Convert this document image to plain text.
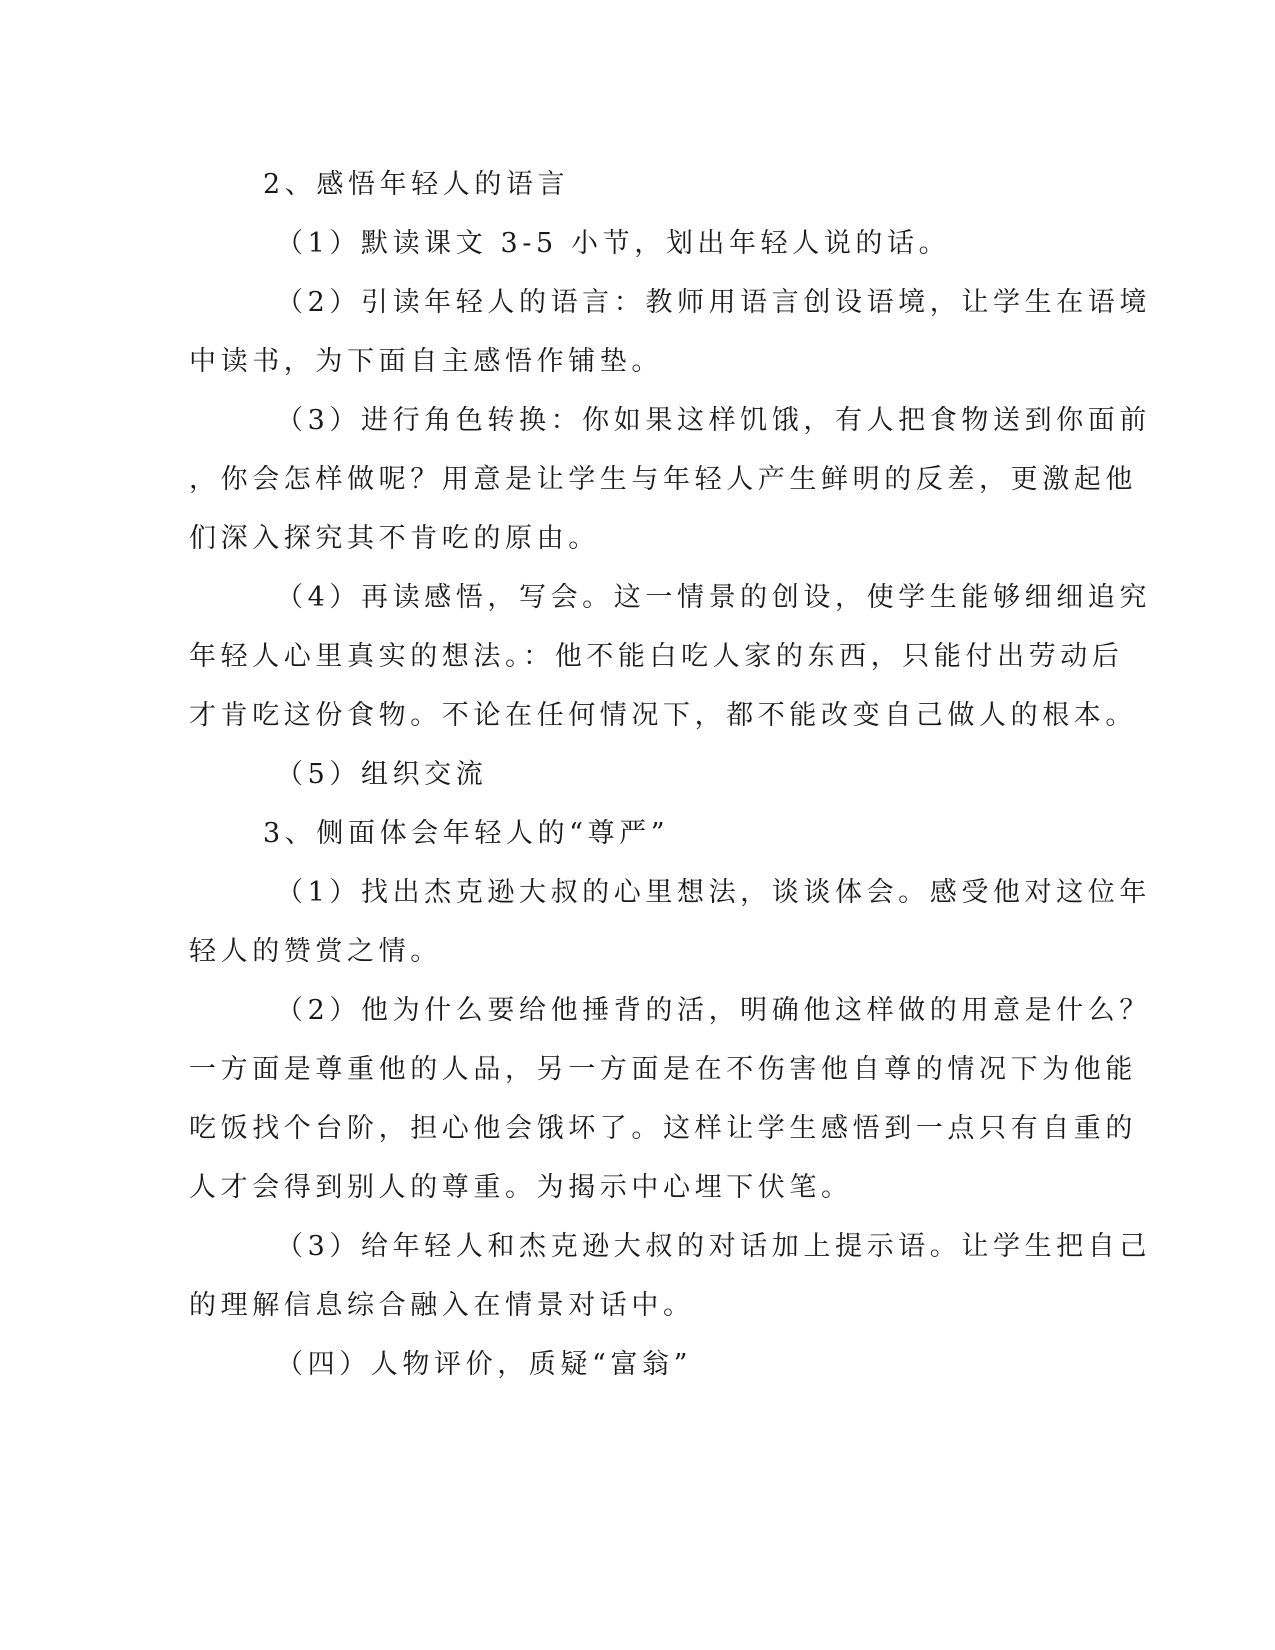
2、感悟年轻人的语言
（1）默读课文 3-5 小节，划出年轻人说的话。
（2）引读年轻人的语言：教师用语言创设语境，让学生在语境
中读书，为下面自主感悟作铺垫。
（3）进行角色转换：你如果这样饥饿，有人把食物送到你面前
，你会怎样做呢？用意是让学生与年轻人产生鲜明的反差，更激起他
们深入探究其不肯吃的原由。
（4）再读感悟，写会。这一情景的创设，使学生能够细细追究
年轻人心里真实的想法。：他不能白吃人家的东西，只能付出劳动后
才肯吃这份食物。不论在任何情况下，都不能改变自己做人的根本。
（5）组织交流
3、侧面体会年轻人的“尊严”
（1）找出杰克逊大叔的心里想法，谈谈体会。感受他对这位年
轻人的赞赏之情。
（2）他为什么要给他捶背的活，明确他这样做的用意是什么？
一方面是尊重他的人品，另一方面是在不伤害他自尊的情况下为他能
吃饭找个台阶，担心他会饿坏了。这样让学生感悟到一点只有自重的
人才会得到别人的尊重。为揭示中心埋下伏笔。
（3）给年轻人和杰克逊大叔的对话加上提示语。让学生把自己
的理解信息综合融入在情景对话中。
（四）人物评价，质疑“富翁”
